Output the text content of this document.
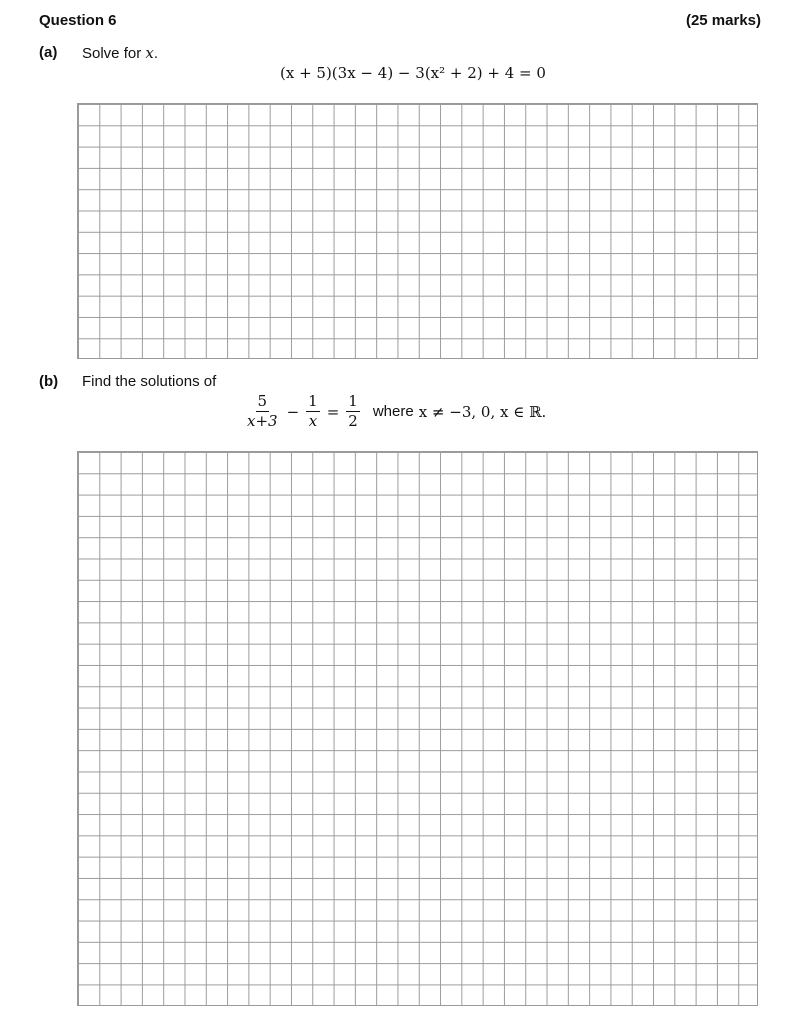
Question 6	(25 marks)
(a) Solve for x.
(x + 5)(3x − 4) − 3(x² + 2) + 4 = 0
(b) Find the solutions of
$\frac{5}{x+3} - \frac{1}{x} = \frac{1}{2}$ where x ≠ −3, 0, x ∈ ℝ.
